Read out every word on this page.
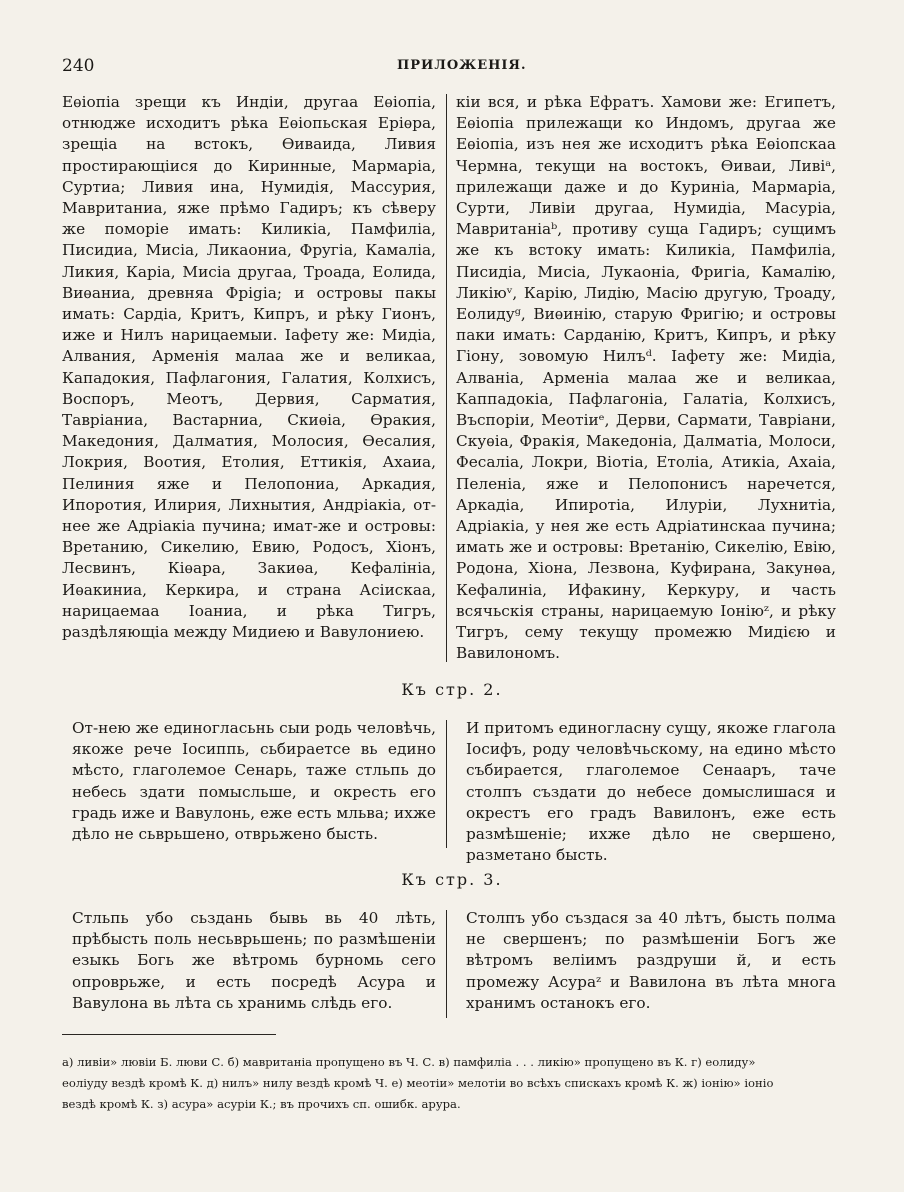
240	ПРИЛОЖЕНІЯ.

Еѳіопіа зрещи къ Индіи, другаа Еѳіопіа, отнюдже исходитъ рѣка Еѳіопьская Ерiѳра, зрещіа на встокъ, Ѳиваида, Ливия простирающіися до Киринные, Мармаріа, Суртиа; Ливия ина, Нумидія, Массурия, Мавританиа, яже прѣмо Гадиръ; къ сѣверу же поморіе имать: Киликіа, Памфиліа, Писидиа, Мисіа, Ликаониа, Фрyгіа, Камаліа, Ликия, Каріа, Мисіа другаа, Троада, Еолида, Виѳаниа, древняа Фрigіа; и островы пакы имать: Сардіа, Критъ, Кипръ, и рѣку Гионъ, иже и Нилъ нарицаемыи. Іафету же: Мидіа, Алвания, Арменія малаа же и великаа, Кападокия, Пафлагония, Галатия, Колхисъ, Воспоръ, Меотъ, Дервия, Сарматия, Тавріаниа, Вастарниа, Скиѳіа, Ѳракия, Македония, Далматия, Молосия, Ѳесалия, Локрия, Воотия, Етолия, Еттикія, Ахаиа, Пелиния яже и Пелопониа, Аркадия, Ипоротия, Илирия, Лихнытия, Андріакіа, от-нее же Адріакіа пучина; имат-же и островы: Вретанию, Сикелию, Евию, Родосъ, Хiонъ, Лесвинъ, Кiѳара, Закиѳа, Кефалініа, Иѳакиниа, Керкира, и страна Асiискаа, нарицаемаа Іоаниа, и рѣка Тигръ, раздѣляющіа между Мидиею и Вавулониею.

кiи вся, и рѣка Ефратъ. Хамови же: Египетъ, Еѳіопіа прилежащи ко Индомъ, другаа же Еѳіопіа, изъ нея же исходитъ рѣка Еѳіопскаа Чермна, текущи на востокъ, Ѳиваи, Ливіᵃ, прилежащи даже и до Куриніа, Мармаріа, Сурти, Ливіи другаа, Нумидіа, Масуріа, Мавританіаᵇ, противу суща Гадиръ; сущимъ же къ встоку имать: Киликіа, Памфиліа, Писидіа, Мисіа, Лукаоніа, Фригіа, Камалію, Ликіюᵛ, Карію, Лидію, Масію другую, Троаду, Еолидуᵍ, Виѳинію, старую Фригію; и островы паки имать: Сарданію, Критъ, Кипръ, и рѣку Гіону, зовомую Нилъᵈ. Іафету же: Мидіа, Алваніа, Арменіа малаа же и великаа, Каппадокіа, Пафлагоніа, Галатіа, Колхисъ, Въспоріи, Меотіиᵉ, Дерви, Сармати, Тавріани, Скуѳіа, Фракія, Македоніа, Далматіа, Молоси, Фесаліа, Локри, Віотіа, Етоліа, Атикіа, Ахаіа, Пеленіа, яже и Пелопонисъ наречется, Аркадіа, Ипиротіа, Илурiи, Лухнитіа, Адріакіа, у нея же есть Адріатинскаа пучина; имать же и островы: Вретанію, Сикелію, Евію, Родона, Хiона, Лезвона, Куфирана, Закунѳа, Кефалиніа, Ифакину, Керкуру, и часть всячьскія страны, нарицаемую Іоніюᶻ, и рѣку Тигръ, сему текущу промежю Мидією и Вавилономъ.

Къ стр. 2.

От-нею же единогласьнь сыи родь человѣчь, якоже рече Іосиппь, сьбираетсе вь едино мѣсто, глаголемое Сенарь, таже стльпь до небесь здати помысльше, и окресть его градь иже и Вавулонь, еже есть мльва; ихже дѣло не сьврьшено, отврьжено бысть.

И притомъ единогласну сущу, якоже глагола Іосифъ, роду человѣчьскому, на едино мѣсто събирается, глаголемое Сенааръ, таче столпъ създати до небесе домыслишася и окрестъ его градъ Вавилонъ, еже есть размѣшеніе; ихже дѣло не свершено, разметано бысть.

Къ стр. 3.

Стльпь убо сьздань бывь вь 40 лѣть, прѣбысть поль несьврьшень; по размѣшеніи езыкь Богь же вѣтромь бурномь сего опроврьже, и есть посредѣ Асура и Вавулона вь лѣта сь хранимь слѣдь его.

Столпъ убо създася за 40 лѣтъ, бысть полма не свершенъ; по размѣшеніи Богъ же вѣтромъ велiимъ раздруши й, и есть промежу Асураᶻ и Вавилона въ лѣта многа хранимъ останокъ его.

а) ливіи» лювіи Б. люви С. б) мавританіа пропущено въ Ч. С. в) памфиліа . . . ликію» пропущено въ К. г) еолиду»

еолiуду вездѣ кромѣ К. д) нилъ» нилу вездѣ кромѣ Ч. е) меотiи» мелотiи во всѣхъ спискахъ кромѣ К. ж) іонію» іоніо

вездѣ кромѣ К. з) асура» асурiи К.; въ прочихъ сп. ошибк. арура.
